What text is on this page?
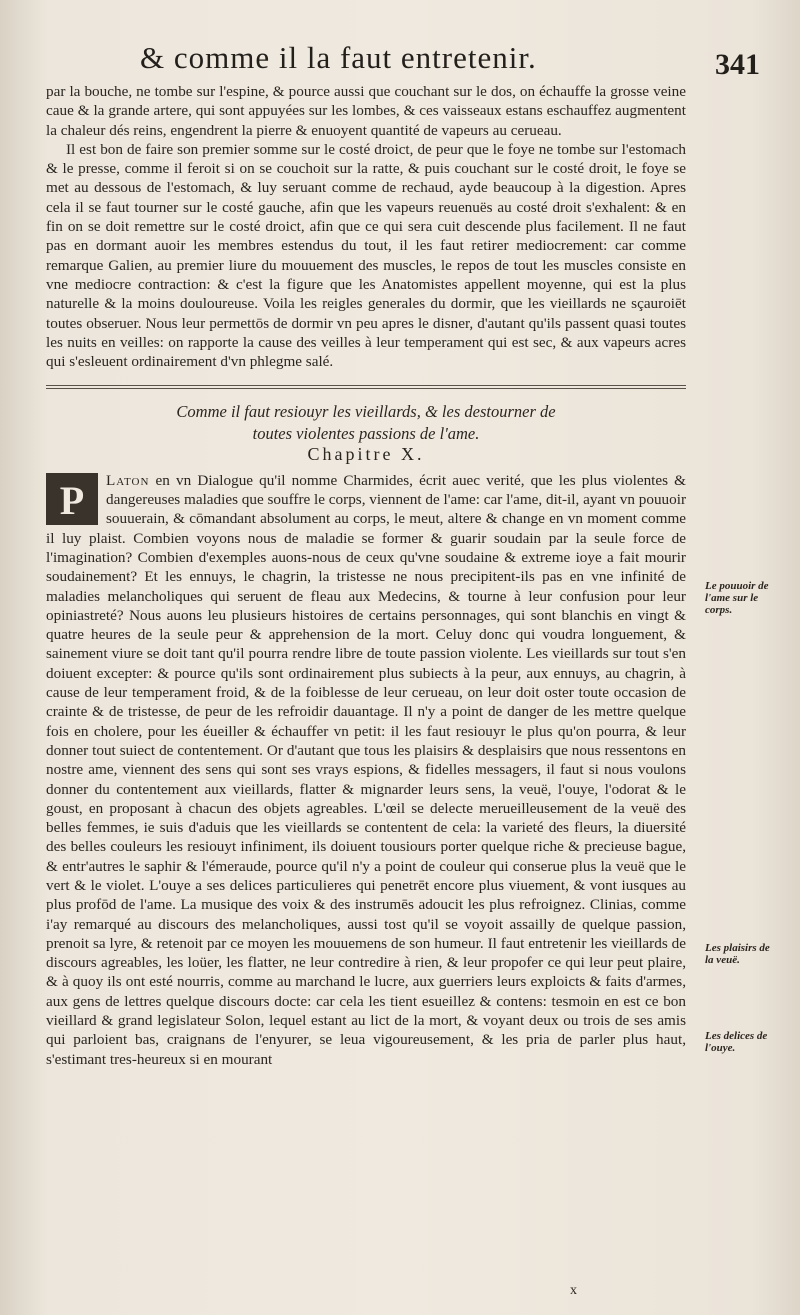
& comme il la faut entretenir.	341

par la bouche, ne tombe sur l'espine, & pource aussi que couchant sur le dos, on échauffe la grosse veine caue & la grande artere, qui sont appuyées sur les lombes, & ces vaisseaux estans eschauffez augmentent la chaleur dés reins, engendrent la pierre & enuoyent quantité de vapeurs au cerueau.

Il est bon de faire son premier somme sur le costé droict, de peur que le foye ne tombe sur l'estomach & le presse, comme il feroit si on se couchoit sur la ratte, & puis couchant sur le costé droit, le foye se met au dessous de l'estomach, & luy seruant comme de rechaud, ayde beaucoup à la digestion. Apres cela il se faut tourner sur le costé gauche, afin que les vapeurs reuenuës au costé droit s'exhalent: & en fin on se doit remettre sur le costé droict, afin que ce qui sera cuit descende plus facilement. Il ne faut pas en dormant auoir les membres estendus du tout, il les faut retirer mediocrement: car comme remarque Galien, au premier liure du mouuement des muscles, le repos de tout les muscles consiste en vne mediocre contraction: & c'est la figure que les Anatomistes appellent moyenne, qui est la plus naturelle & la moins douloureuse. Voila les reigles generales du dormir, que les vieillards ne sçauroiēt toutes obseruer. Nous leur permettōs de dormir vn peu apres le disner, d'autant qu'ils passent quasi toutes les nuits en veilles: on rapporte la cause des veilles à leur temperament qui est sec, & aux vapeurs acres qui s'esleuent ordinairement d'vn phlegme salé.

Comme il faut resiouyr les vieillards, & les destourner de

toutes violentes passions de l'ame.

Chapitre X.

P	Laton en vn Dialogue qu'il nomme Charmides, écrit auec verité, que les plus violentes & dangereuses maladies que souffre le corps, viennent de l'ame: car l'ame, dit-il, ayant vn pouuoir souuerain, & cōmandant absolument au corps, le meut, altere & change en vn moment comme il luy plaist. Combien voyons nous de maladie se former & guarir soudain par la seule force de l'imagination? Combien d'exemples auons-nous de ceux qu'vne soudaine & extreme ioye a fait mourir soudainement? Et les ennuys, le chagrin, la tristesse ne nous precipitent-ils pas en vne infinité de maladies melancholiques qui seruent de fleau aux Medecins, & tourne à leur confusion pour leur opiniastreté? Nous auons leu plusieurs histoires de certains personnages, qui sont blanchis en vingt & quatre heures de la seule peur & apprehension de la mort. Celuy donc qui voudra longuement, & sainement viure se doit tant qu'il pourra rendre libre de toute passion violente. Les vieillards sur tout s'en doiuent excepter: & pource qu'ils sont ordinairement plus subiects à la peur, aux ennuys, au chagrin, à cause de leur temperament froid, & de la foiblesse de leur cerueau, on leur doit oster toute occasion de crainte & de tristesse, de peur de les refroidir dauantage. Il n'y a point de danger de les mettre quelque fois en cholere, pour les éueiller & échauffer vn petit: il les faut resiouyr le plus qu'on pourra, & leur donner tout suiect de contentement. Or d'autant que tous les plaisirs & desplaisirs que nous ressentons en nostre ame, viennent des sens qui sont ses vrays espions, & fidelles messagers, il faut si nous voulons donner du contentement aux vieillards, flatter & mignarder leurs sens, la veuë, l'ouye, l'odorat & le goust, en proposant à chacun des objets agreables. L'œil se delecte merueilleusement de la veuë des belles femmes, ie suis d'aduis que les vieillards se contentent de cela: la varieté des fleurs, la diuersité des belles couleurs les resiouyt infiniment, ils doiuent tousiours porter quelque riche & precieuse bague, & entr'autres le saphir & l'émeraude, pource qu'il n'y a point de couleur qui conserue plus la veuë que le vert & le violet. L'ouye a ses delices particulieres qui penetrēt encore plus viuement, & vont iusques au plus profōd de l'ame. La musique des voix & des instrumēs adoucit les plus refroignez. Clinias, comme i'ay remarqué au discours des melancholiques, aussi tost qu'il se voyoit assailly de quelque passion, prenoit sa lyre, & retenoit par ce moyen les mouuemens de son humeur. Il faut entretenir les vieillards de discours agreables, les loüer, les flatter, ne leur contredire à rien, & leur propofer ce qui leur peut plaire, & à quoy ils ont esté nourris, comme au marchand le lucre, aux guerriers leurs exploicts & faits d'armes, aux gens de lettres quelque discours docte: car cela les tient esueillez & contens: tesmoin en est ce bon vieillard & grand legislateur Solon, lequel estant au lict de la mort, & voyant deux ou trois de ses amis qui parloient bas, craignans de l'enyurer, se leua vigoureusement, & les pria de parler plus haut, s'estimant tres-heureux si en mourant

Le pouuoir de l'ame sur le corps.
Les plaisirs de la veuë.
Les delices de l'ouye.
x
